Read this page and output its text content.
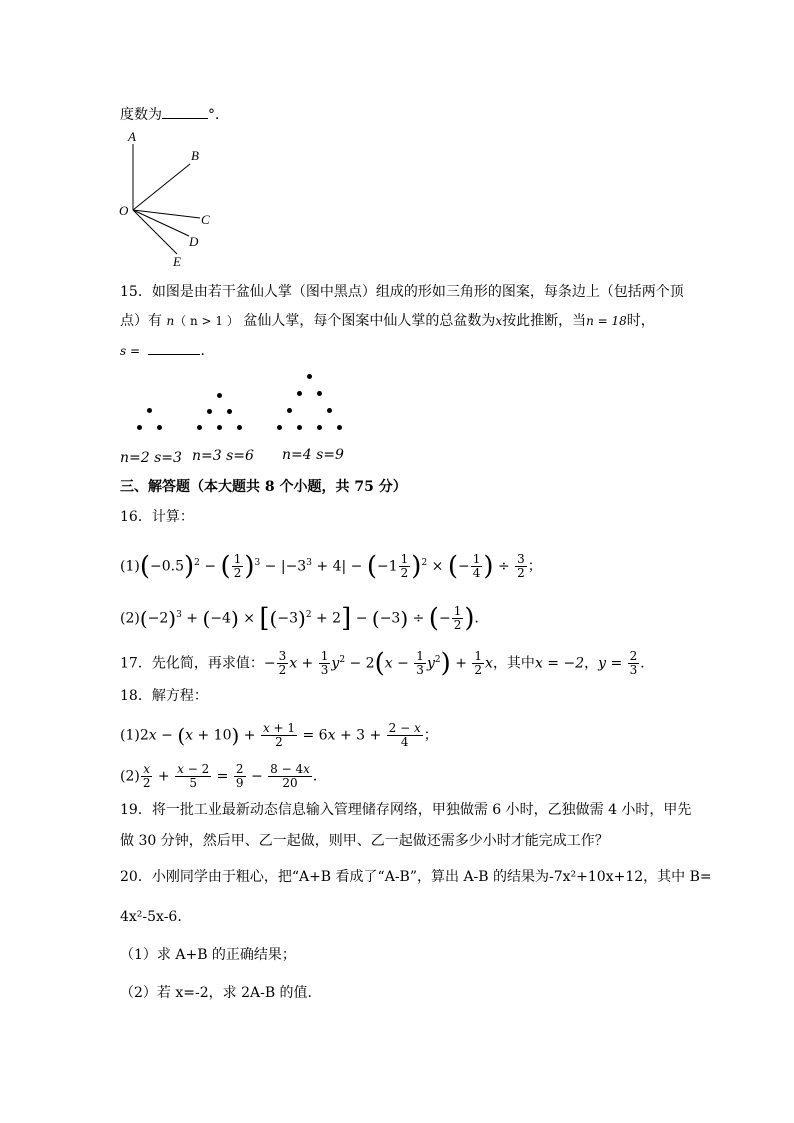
度数为	°．
A
B
O
C
D
E
15．如图是由若干盆仙人掌（图中黑点）组成的形如三角形的图案，每条边上（包括两个顶
点）有 n（ n > 1 ） 盆仙人掌，每个图案中仙人掌的总盆数为x按此推断，当n = 18时，
s =	．
n=2 s=3 n=3 s=6 n=4 s=9
三、解答题（本大题共 8 个小题，共 75 分）
16．计算：
$(1)(-0.5)^2$ − ( $\frac{1}{2} )^3 - |-3^3 + 4| - (-1 \frac{1}{2} )^2$ × (− $\frac{1}{4}$ ) ÷ $\frac{3}{2}$ ；
$(2)(-2)^3 + (-4) \times [(-3)^2 + 2] - (-3)$ ÷ (− $\frac{1}{2}$ )．
17．先化简，再求值：− $\frac{3}{2}$ $x + \frac{1}{3} y^2 - 2(x - \frac{1}{3} y^2) + \frac{1}{2}$ x，其中x = −2，$y = \frac{2}{3}$ ．
18．解方程：
$(1)2x - (x + 10) + \frac{x + 1}{2} = 6x + 3 + \frac{2 - x}{4}$ ；
$(2) \frac{x}{2} + \frac{x - 2}{5} = \frac{2}{9} - \frac{8 - 4x}{20}$ ．
19．将一批工业最新动态信息输入管理储存网络，甲独做需 6 小时，乙独做需 4 小时，甲先
做 30 分钟，然后甲、乙一起做，则甲、乙一起做还需多少小时才能完成工作？
20．小刚同学由于粗心，把“A+B 看成了“A-B”，算出 A-B 的结果为-7x²+10x+12，其中 B=
4x²-5x-6．
（1）求 A+B 的正确结果；
（2）若 x=-2，求 2A-B 的值．
